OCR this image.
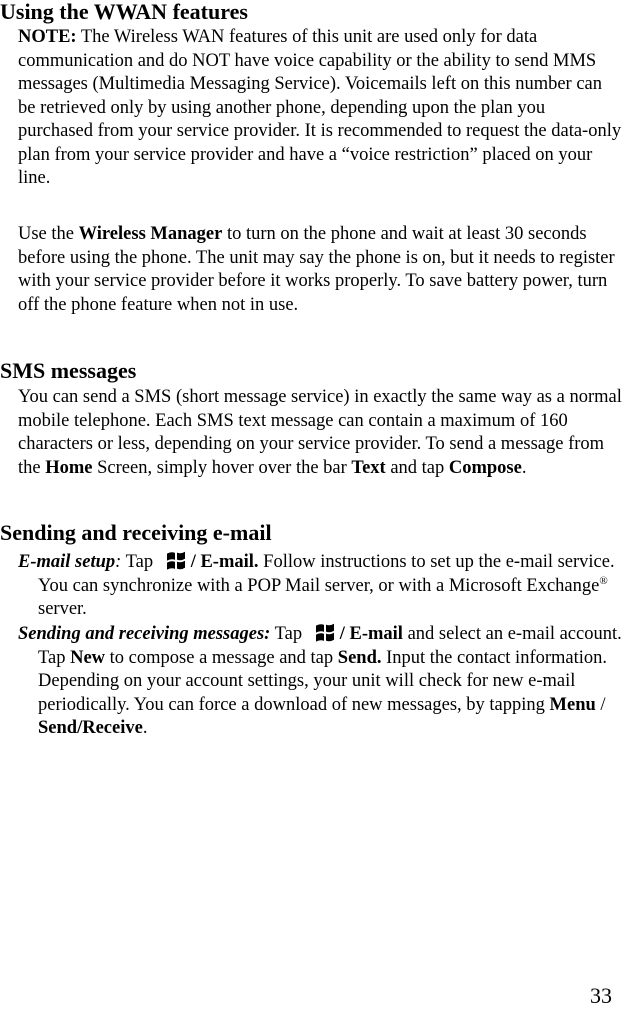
Using the WWAN features

NOTE: The Wireless WAN features of this unit are used only for data communication and do NOT have voice capability or the ability to send MMS messages (Multimedia Messaging Service). Voicemails left on this number can be retrieved only by using another phone, depending upon the plan you purchased from your service provider. It is recommended to request the data-only plan from your service provider and have a “voice restriction” placed on your line.

Use the Wireless Manager to turn on the phone and wait at least 30 seconds before using the phone. The unit may say the phone is on, but it needs to register with your service provider before it works properly. To save battery power, turn off the phone feature when not in use.

SMS messages

You can send a SMS (short message service) in exactly the same way as a normal mobile telephone. Each SMS text message can contain a maximum of 160 characters or less, depending on your service provider. To send a message from the Home Screen, simply hover over the bar Text and tap Compose.

Sending and receiving e-mail

E-mail setup: Tap / E-mail. Follow instructions to set up the e-mail service. You can synchronize with a POP Mail server, or with a Microsoft Exchange® server.

Sending and receiving messages: Tap / E-mail and select an e-mail account. Tap New to compose a message and tap Send. Input the contact information. Depending on your account settings, your unit will check for new e-mail periodically. You can force a download of new messages, by tapping Menu / Send/Receive.

33
